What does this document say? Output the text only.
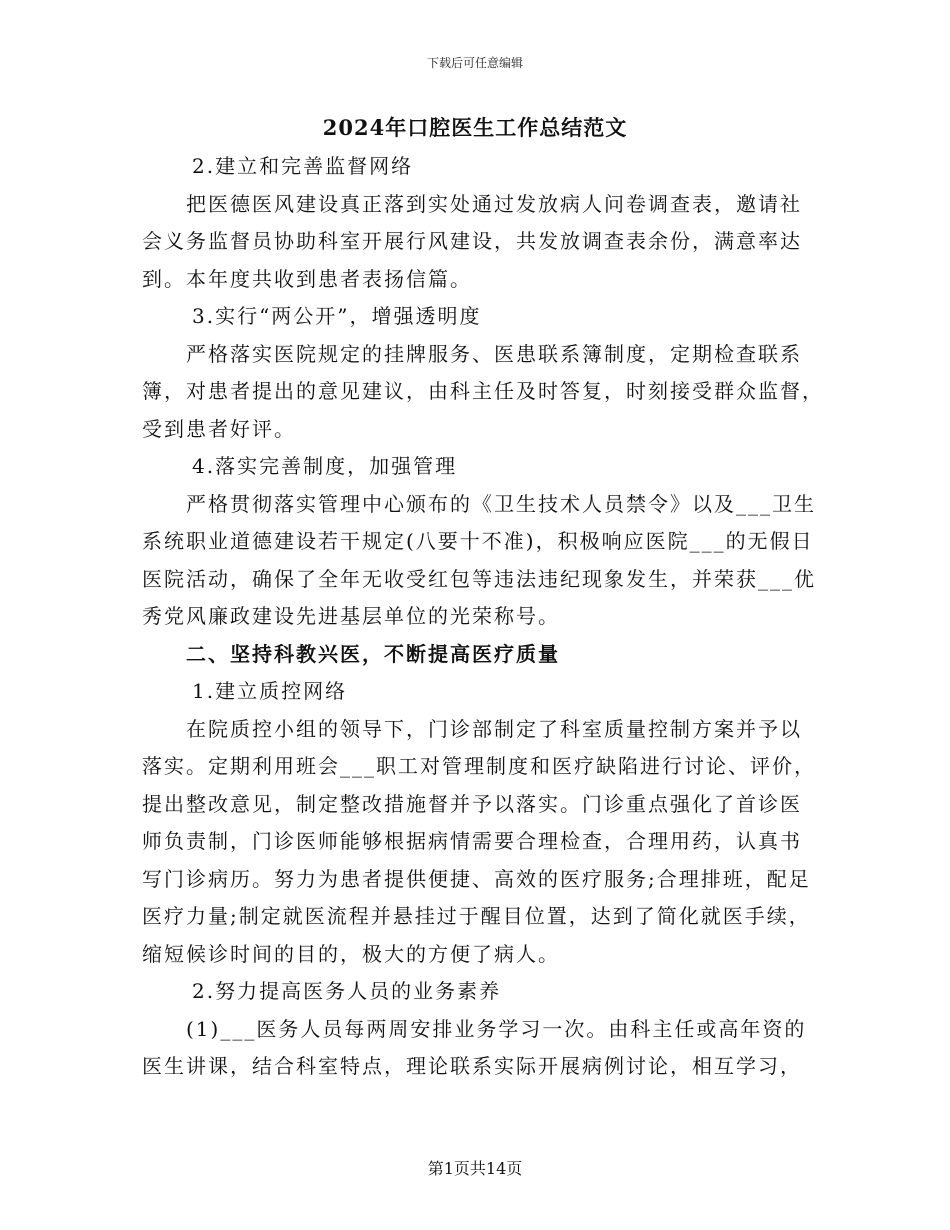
下载后可任意编辑
2024年口腔医生工作总结范文
2.建立和完善监督网络
把医德医风建设真正落到实处通过发放病人问卷调查表，邀请社
会义务监督员协助科室开展行风建设，共发放调查表余份，满意率达
到。本年度共收到患者表扬信篇。
3.实行“两公开”，增强透明度
严格落实医院规定的挂牌服务、医患联系簿制度，定期检查联系
簿，对患者提出的意见建议，由科主任及时答复，时刻接受群众监督，
受到患者好评。
4.落实完善制度，加强管理
严格贯彻落实管理中心颁布的《卫生技术人员禁令》以及___卫生
系统职业道德建设若干规定(八要十不准)，积极响应医院___的无假日
医院活动，确保了全年无收受红包等违法违纪现象发生，并荣获___优
秀党风廉政建设先进基层单位的光荣称号。
二、坚持科教兴医，不断提高医疗质量
1.建立质控网络
在院质控小组的领导下，门诊部制定了科室质量控制方案并予以
落实。定期利用班会___职工对管理制度和医疗缺陷进行讨论、评价，
提出整改意见，制定整改措施督并予以落实。门诊重点强化了首诊医
师负责制，门诊医师能够根据病情需要合理检查，合理用药，认真书
写门诊病历。努力为患者提供便捷、高效的医疗服务;合理排班，配足
医疗力量;制定就医流程并悬挂过于醒目位置，达到了简化就医手续，
缩短候诊时间的目的，极大的方便了病人。
2.努力提高医务人员的业务素养
(1)___医务人员每两周安排业务学习一次。由科主任或高年资的
医生讲课，结合科室特点，理论联系实际开展病例讨论，相互学习，
第1页共14页
